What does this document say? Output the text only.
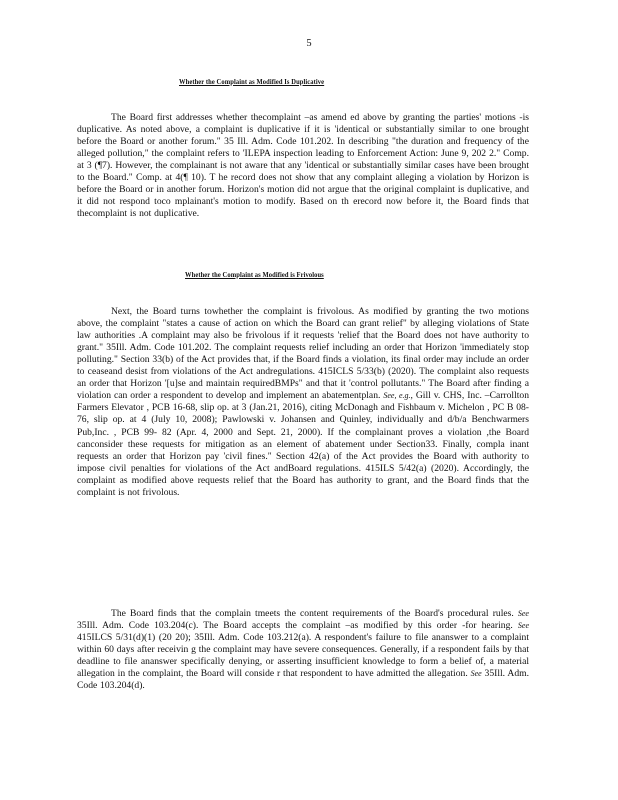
5
Whether the Complaint as Modified Is Duplicative

The Board first addresses whether thecomplaint –as amend ed above by granting the parties' motions -is duplicative. As noted above, a complaint is duplicative if it is 'identical or substantially similar to one brought before the Board or another forum." 35 Ill. Adm. Code 101.202. In describing "the duration and frequency of the alleged pollution," the complaint refers to 'ILEPA inspection leading to Enforcement Action: June 9, 202 2." Comp. at 3 (¶7). However, the complainant is not aware that any 'identical or substantially similar cases have been brought to the Board." Comp. at 4(¶ 10). T he record does not show that any complaint alleging a violation by Horizon is before the Board or in another forum. Horizon's motion did not argue that the original complaint is duplicative, and it did not respond toco mplainant's motion to modify. Based on th erecord now before it, the Board finds that thecomplaint is not duplicative.

Whether the Complaint as Modified is Frivolous

Next, the Board turns towhether the complaint is frivolous. As modified by granting the two motions above, the complaint "states a cause of action on which the Board can grant relief" by alleging violations of State law authorities .A complaint may also be frivolous if it requests 'relief that the Board does not have authority to grant." 35Ill. Adm. Code 101.202. The complaint requests relief including an order that Horizon 'immediately stop polluting." Section 33(b) of the Act provides that, if the Board finds a violation, its final order may include an order to ceaseand desist from violations of the Act andregulations. 415ICLS 5/33(b) (2020). The complaint also requests an order that Horizon '[u]se and maintain requiredBMPs" and that it 'control pollutants." The Board after finding a violation can order a respondent to develop and implement an abatementplan. See, e.g., Gill v. CHS, Inc. –Carrollton Farmers Elevator , PCB 16-68, slip op. at 3 (Jan.21, 2016), citing McDonagh and Fishbaum v. Michelon , PC B 08-76, slip op. at 4 (July 10, 2008); Pawlowski v. Johansen and Quinley, individually and d/b/a Benchwarmers Pub,Inc. , PCB 99- 82 (Apr. 4, 2000 and Sept. 21, 2000). If the complainant proves a violation ,the Board canconsider these requests for mitigation as an element of abatement under Section33. Finally, compla inant requests an order that Horizon pay 'civil fines." Section 42(a) of the Act provides the Board with authority to impose civil penalties for violations of the Act andBoard regulations. 415ILS 5/42(a) (2020). Accordingly, the complaint as modified above requests relief that the Board has authority to grant, and the Board finds that the complaint is not frivolous.

The Board finds that the complain tmeets the content requirements of the Board's procedural rules. See 35Ill. Adm. Code 103.204(c). The Board accepts the complaint –as modified by this order -for hearing. See 415ILCS 5/31(d)(1) (20 20); 35Ill. Adm. Code 103.212(a). A respondent's failure to file ananswer to a complaint within 60 days after receivin g the complaint may have severe consequences. Generally, if a respondent fails by that deadline to file ananswer specifically denying, or asserting insufficient knowledge to form a belief of, a material allegation in the complaint, the Board will conside r that respondent to have admitted the allegation. See 35Ill. Adm. Code 103.204(d).
